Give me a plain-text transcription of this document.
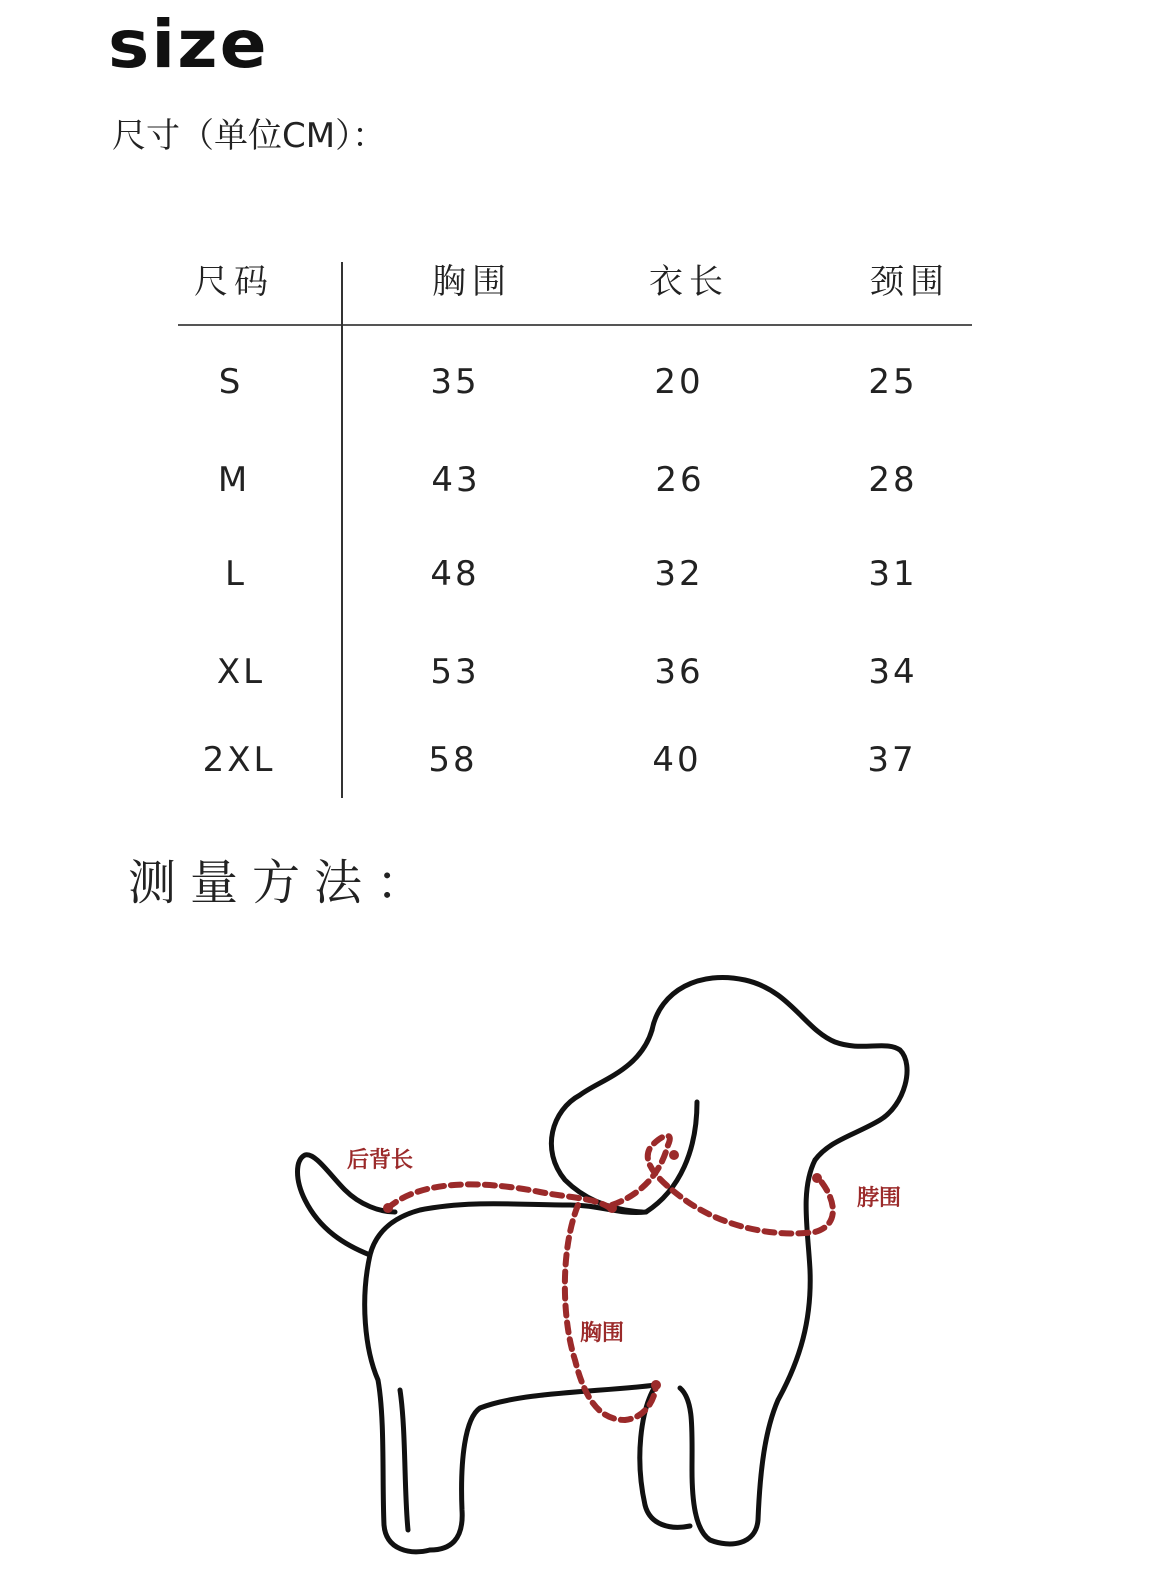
size
尺寸（单位CM）：
尺码	胸围	衣长	颈围
S	35	20	25
M	43	26	28
L	48	32	31
XL	53	36	34
2XL	58	40	37
测量方法：
后背长
脖围
胸围
